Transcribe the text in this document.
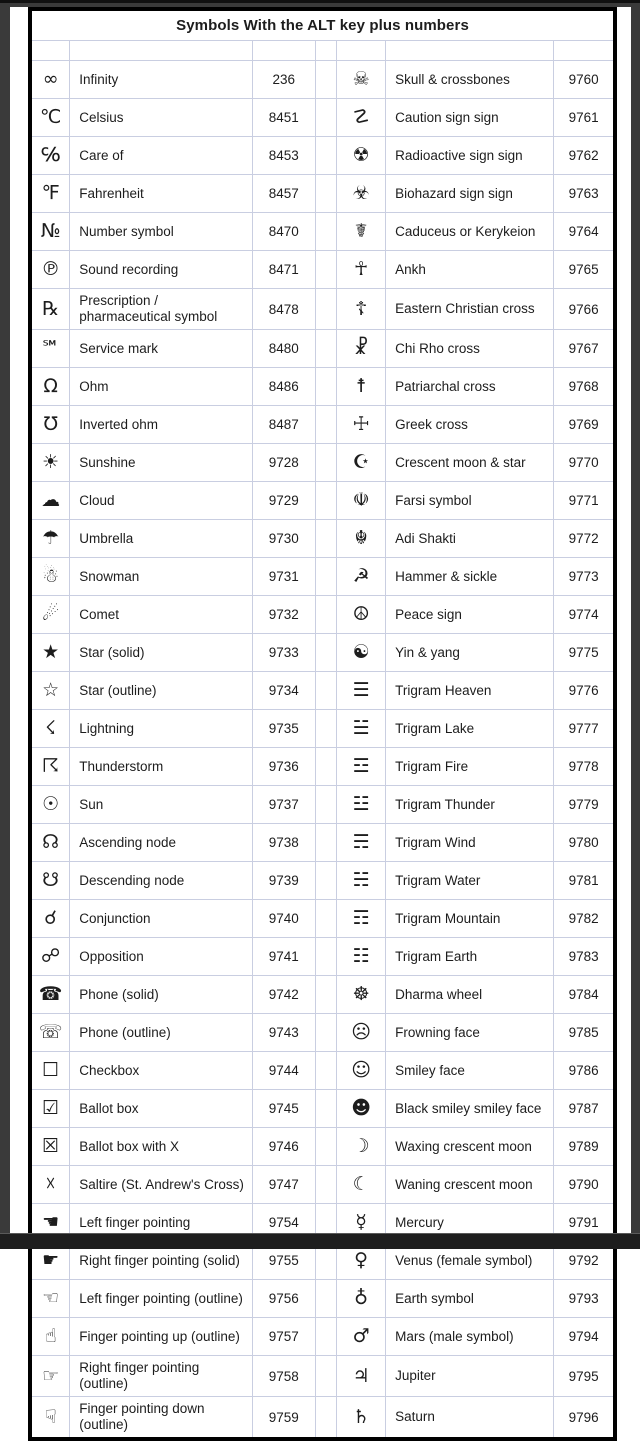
Symbols With the ALT key plus numbers						

∞	Infinity	236		☠	Skull & crossbones	9760
℃	Celsius	8451		☡	Caution sign sign	9761
℅	Care of	8453		☢	Radioactive sign sign	9762
℉	Fahrenheit	8457		☣	Biohazard sign sign	9763
№	Number symbol	8470		☤	Caduceus or Kerykeion	9764
℗	Sound recording	8471		☥	Ankh	9765
℞	Prescription / pharmaceutical symbol	8478		☦	Eastern Christian cross	9766
℠	Service mark	8480		☧	Chi Rho cross	9767
Ω	Ohm	8486		☨	Patriarchal cross	9768
℧	Inverted ohm	8487		☩	Greek cross	9769
☀	Sunshine	9728		☪	Crescent moon & star	9770
☁	Cloud	9729		☫	Farsi symbol	9771
☂	Umbrella	9730		☬	Adi Shakti	9772
☃	Snowman	9731		☭	Hammer & sickle	9773
☄	Comet	9732		☮	Peace sign	9774
★	Star (solid)	9733		☯	Yin & yang	9775
☆	Star (outline)	9734		☰	Trigram Heaven	9776
☇	Lightning	9735		☱	Trigram Lake	9777
☈	Thunderstorm	9736		☲	Trigram Fire	9778
☉	Sun	9737		☳	Trigram Thunder	9779
☊	Ascending node	9738		☴	Trigram Wind	9780
☋	Descending node	9739		☵	Trigram Water	9781
☌	Conjunction	9740		☶	Trigram Mountain	9782
☍	Opposition	9741		☷	Trigram Earth	9783
☎	Phone (solid)	9742		☸	Dharma wheel	9784
☏	Phone (outline)	9743		☹	Frowning face	9785
☐	Checkbox	9744		☺	Smiley face	9786
☑	Ballot box	9745		☻	Black smiley smiley face	9787
☒	Ballot box with X	9746		☽	Waxing crescent moon	9789
☓	Saltire (St. Andrew's Cross)	9747		☾	Waning crescent moon	9790
☚	Left finger pointing	9754		☿	Mercury	9791
☛	Right finger pointing (solid)	9755		♀	Venus (female symbol)	9792
☜	Left finger pointing (outline)	9756		♁	Earth symbol	9793
☝	Finger pointing up (outline)	9757		♂	Mars (male symbol)	9794
☞	Right finger pointing (outline)	9758		♃	Jupiter	9795
☟	Finger pointing down (outline)	9759		♄	Saturn	9796
